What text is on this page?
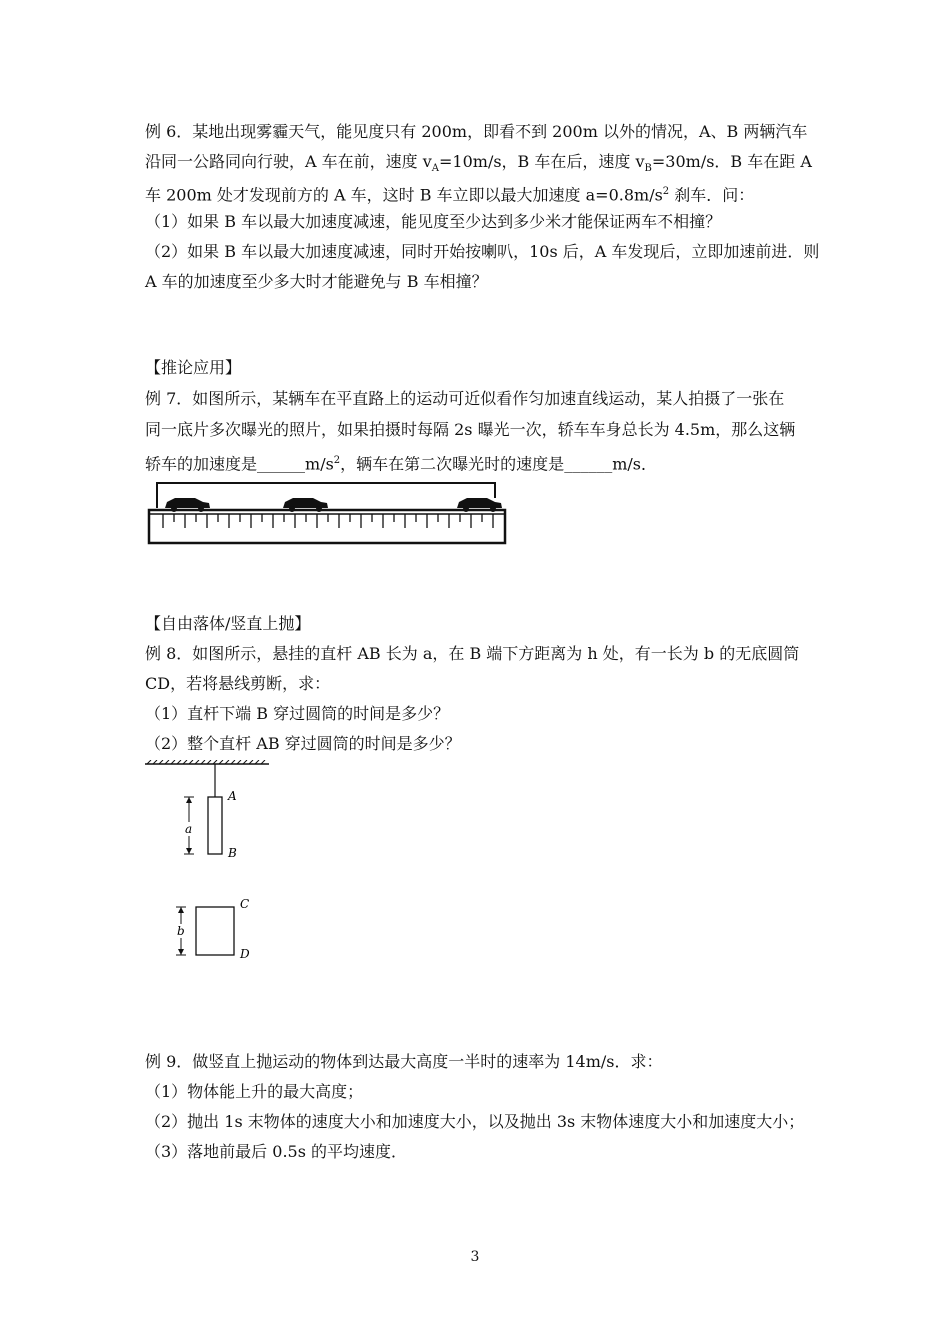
例 6．某地出现雾霾天气，能见度只有 200m，即看不到 200m 以外的情况，A、B 两辆汽车
沿同一公路同向行驶，A 车在前，速度 $v_A=10m/s$，B 车在后，速度 $v_B=30m/s$．B 车在距 A
车 200m 处才发现前方的 A 车，这时 B 车立即以最大加速度 $a=0.8m/s^2$ 刹车．问：
（1）如果 B 车以最大加速度减速，能见度至少达到多少米才能保证两车不相撞？
（2）如果 B 车以最大加速度减速，同时开始按喇叭，10s 后，A 车发现后，立即加速前进．则
A 车的加速度至少多大时才能避免与 B 车相撞？
【推论应用】
例 7．如图所示，某辆车在平直路上的运动可近似看作匀加速直线运动，某人拍摄了一张在
同一底片多次曝光的照片，如果拍摄时每隔 2s 曝光一次，轿车车身总长为 4.5m，那么这辆
轿车的加速度是$\_\_\_\_\_\_m/s^2$，辆车在第二次曝光时的速度是______m/s．
【自由落体/竖直上抛】
例 8．如图所示，悬挂的直杆 AB 长为 a，在 B 端下方距离为 h 处，有一长为 b 的无底圆筒
CD，若将悬线剪断，求：
（1）直杆下端 B 穿过圆筒的时间是多少？
（2）整个直杆 AB 穿过圆筒的时间是多少？
A
B
a
C
D
b
例 9．做竖直上抛运动的物体到达最大高度一半时的速率为 14m/s．求：
（1）物体能上升的最大高度；
（2）抛出 1s 末物体的速度大小和加速度大小，以及抛出 3s 末物体速度大小和加速度大小；
（3）落地前最后 0.5s 的平均速度．
3
